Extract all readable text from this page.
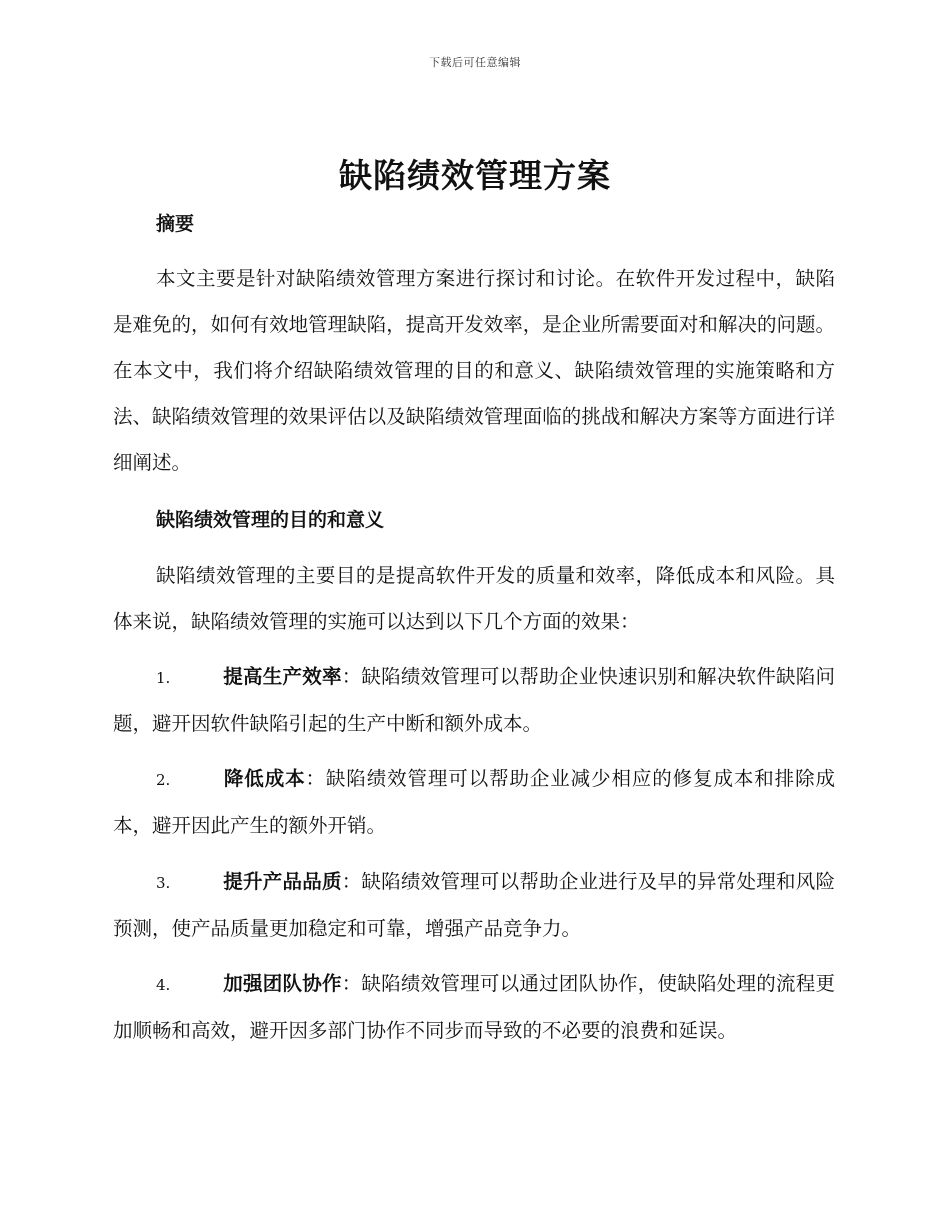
下载后可任意编辑
缺陷绩效管理方案
摘要

本文主要是针对缺陷绩效管理方案进行探讨和讨论。在软件开发过程中，缺陷是难免的，如何有效地管理缺陷，提高开发效率，是企业所需要面对和解决的问题。在本文中，我们将介绍缺陷绩效管理的目的和意义、缺陷绩效管理的实施策略和方法、缺陷绩效管理的效果评估以及缺陷绩效管理面临的挑战和解决方案等方面进行详细阐述。

缺陷绩效管理的目的和意义

缺陷绩效管理的主要目的是提高软件开发的质量和效率，降低成本和风险。具体来说，缺陷绩效管理的实施可以达到以下几个方面的效果：

1.	提高生产效率：缺陷绩效管理可以帮助企业快速识别和解决软件缺陷问题，避开因软件缺陷引起的生产中断和额外成本。

2.	降低成本：缺陷绩效管理可以帮助企业减少相应的修复成本和排除成本，避开因此产生的额外开销。

3.	提升产品品质：缺陷绩效管理可以帮助企业进行及早的异常处理和风险预测，使产品质量更加稳定和可靠，增强产品竞争力。

4.	加强团队协作：缺陷绩效管理可以通过团队协作，使缺陷处理的流程更加顺畅和高效，避开因多部门协作不同步而导致的不必要的浪费和延误。
